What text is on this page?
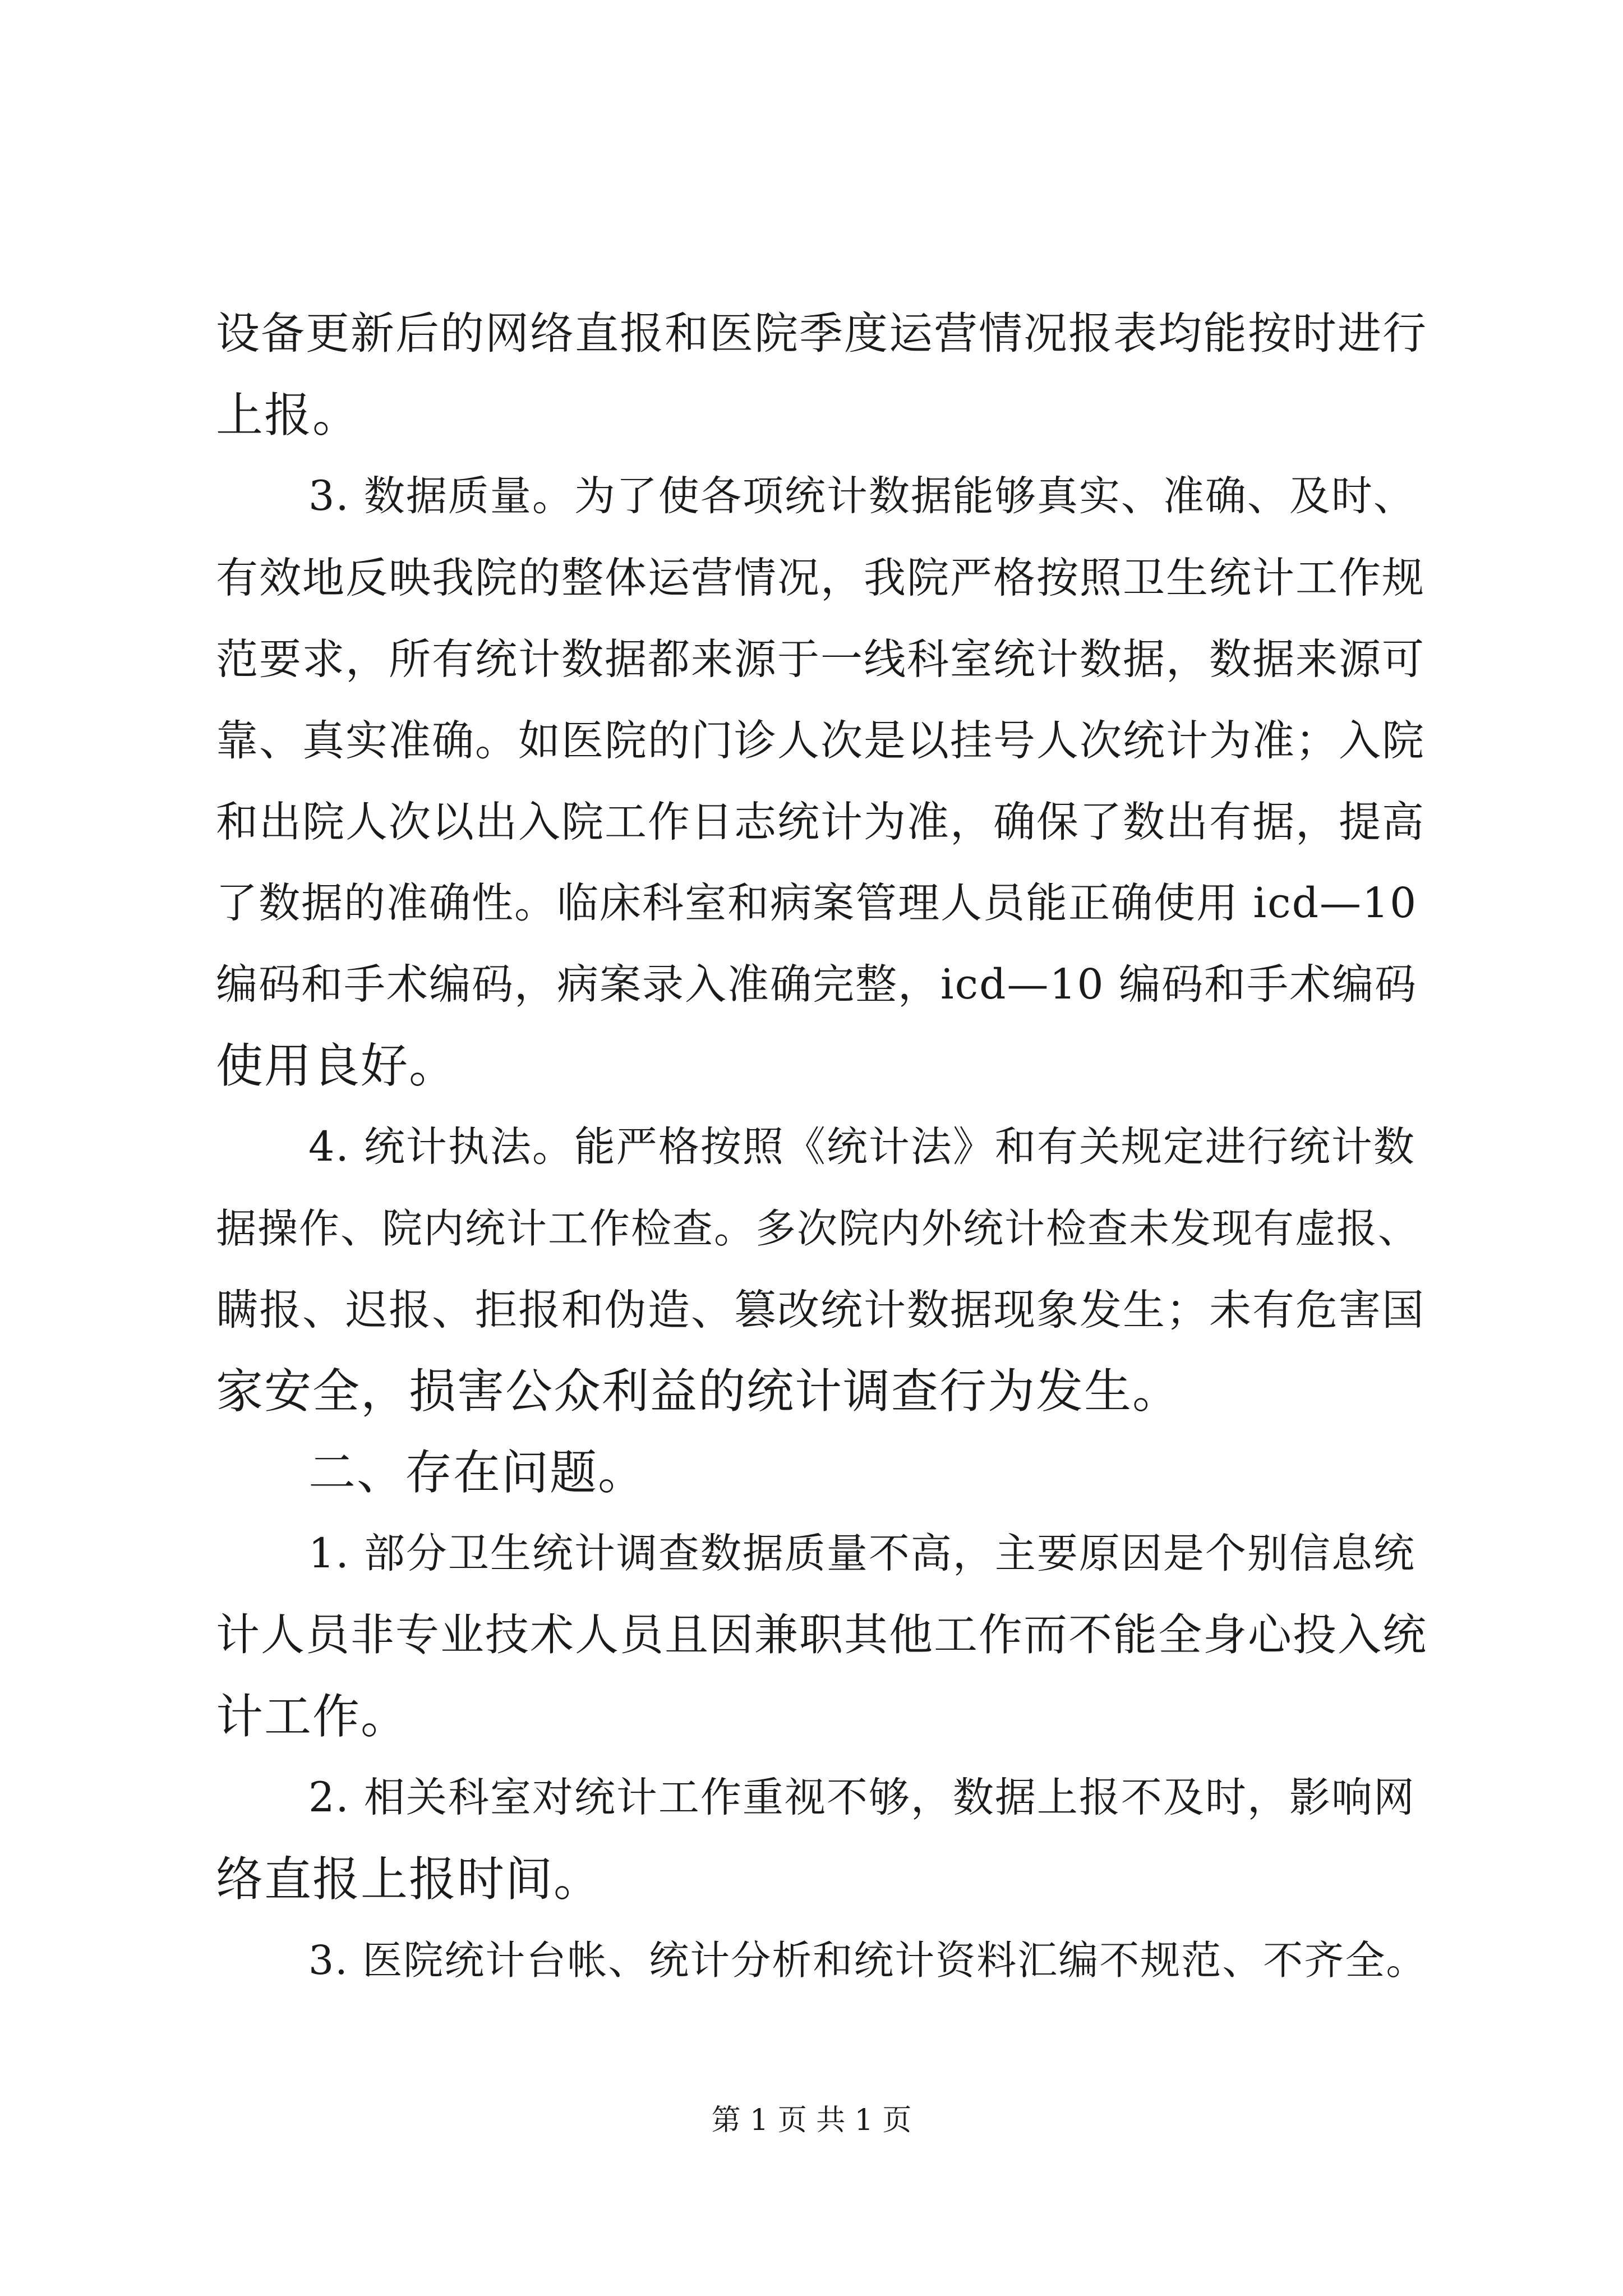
设备更新后的网络直报和医院季度运营情况报表均能按时进行
上报。
3. 数据质量。为了使各项统计数据能够真实、准确、及时、
有效地反映我院的整体运营情况，我院严格按照卫生统计工作规
范要求，所有统计数据都来源于一线科室统计数据，数据来源可
靠、真实准确。如医院的门诊人次是以挂号人次统计为准；入院
和出院人次以出入院工作日志统计为准，确保了数出有据，提高
了数据的准确性。临床科室和病案管理人员能正确使用 icd—10
编码和手术编码，病案录入准确完整，icd—10 编码和手术编码
使用良好。
4. 统计执法。能严格按照《统计法》和有关规定进行统计数
据操作、院内统计工作检查。多次院内外统计检查未发现有虚报、
瞒报、迟报、拒报和伪造、篡改统计数据现象发生；未有危害国
家安全，损害公众利益的统计调查行为发生。
二、存在问题。
1. 部分卫生统计调查数据质量不高，主要原因是个别信息统
计人员非专业技术人员且因兼职其他工作而不能全身心投入统
计工作。
2. 相关科室对统计工作重视不够，数据上报不及时，影响网
络直报上报时间。
3. 医院统计台帐、统计分析和统计资料汇编不规范、不齐全。
第 1 页 共 1 页
